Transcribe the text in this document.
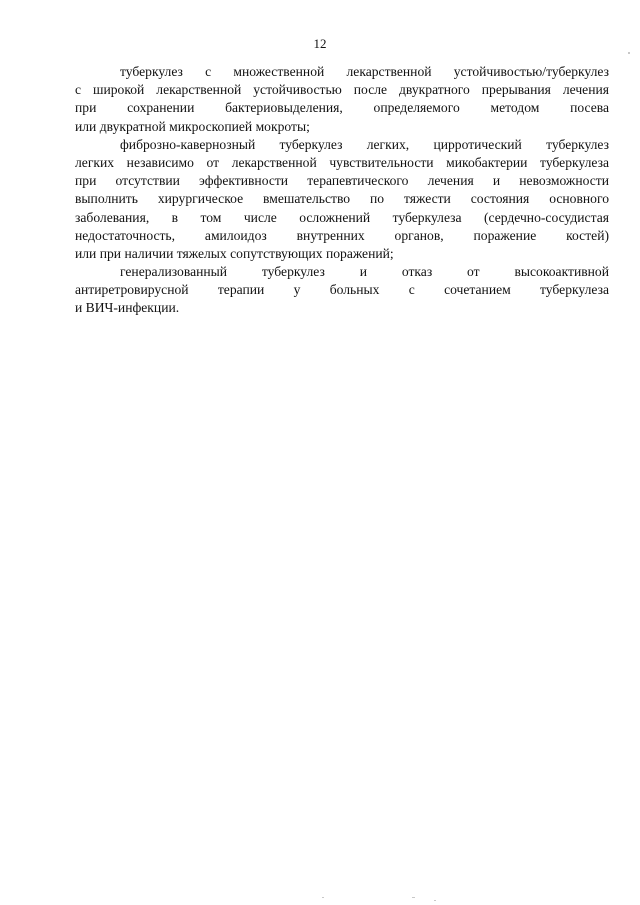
12
туберкулез с множественной лекарственной устойчивостью/туберкулез
с широкой лекарственной устойчивостью после двукратного прерывания лечения
при сохранении бактериовыделения, определяемого методом посева
или двукратной микроскопией мокроты;
фиброзно-кавернозный туберкулез легких, цирротический туберкулез
легких независимо от лекарственной чувствительности микобактерии туберкулеза
при отсутствии эффективности терапевтического лечения и невозможности
выполнить хирургическое вмешательство по тяжести состояния основного
заболевания, в том числе осложнений туберкулеза (сердечно-сосудистая
недостаточность, амилоидоз внутренних органов, поражение костей)
или при наличии тяжелых сопутствующих поражений;
генерализованный туберкулез и отказ от высокоактивной
антиретровирусной терапии у больных с сочетанием туберкулеза
и ВИЧ-инфекции.
